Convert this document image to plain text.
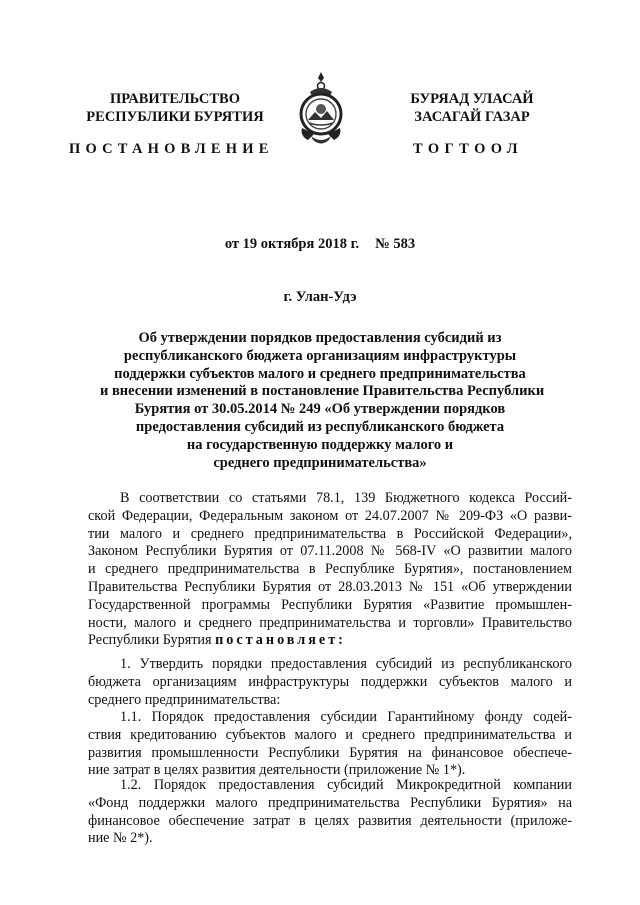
ПРАВИТЕЛЬСТВО
РЕСПУБЛИКИ БУРЯТИЯ
БУРЯАД УЛАСАЙ
ЗАСАГАЙ ГАЗАР
ПОСТАНОВЛЕНИЕ	ТОГТООЛ
от 19 октября 2018 г. № 583
г. Улан-Удэ
Об утверждении порядков предоставления субсидий из
республиканского бюджета организациям инфраструктуры
поддержки субъектов малого и среднего предпринимательства
и внесении изменений в постановление Правительства Республики
Бурятия от 30.05.2014 № 249 «Об утверждении порядков
предоставления субсидий из республиканского бюджета
на государственную поддержку малого и
среднего предпринимательства»
В соответствии со статьями 78.1, 139 Бюджетного кодекса Россий-
ской Федерации, Федеральным законом от 24.07.2007 № 209-ФЗ «О разви-
тии малого и среднего предпринимательства в Российской Федерации»,
Законом Республики Бурятия от 07.11.2008 № 568-IV «О развитии малого
и среднего предпринимательства в Республике Бурятия», постановлением
Правительства Республики Бурятия от 28.03.2013 № 151 «Об утверждении
Государственной программы Республики Бурятия «Развитие промышлен-
ности, малого и среднего предпринимательства и торговли» Правительство
Республики Бурятия постановляет:
1. Утвердить порядки предоставления субсидий из республиканского
бюджета организациям инфраструктуры поддержки субъектов малого и
среднего предпринимательства:
1.1. Порядок предоставления субсидии Гарантийному фонду содей-
ствия кредитованию субъектов малого и среднего предпринимательства и
развития промышленности Республики Бурятия на финансовое обеспече-
ние затрат в целях развития деятельности (приложение № 1*).
1.2. Порядок предоставления субсидий Микрокредитной компании
«Фонд поддержки малого предпринимательства Республики Бурятия» на
финансовое обеспечение затрат в целях развития деятельности (приложе-
ние № 2*).
